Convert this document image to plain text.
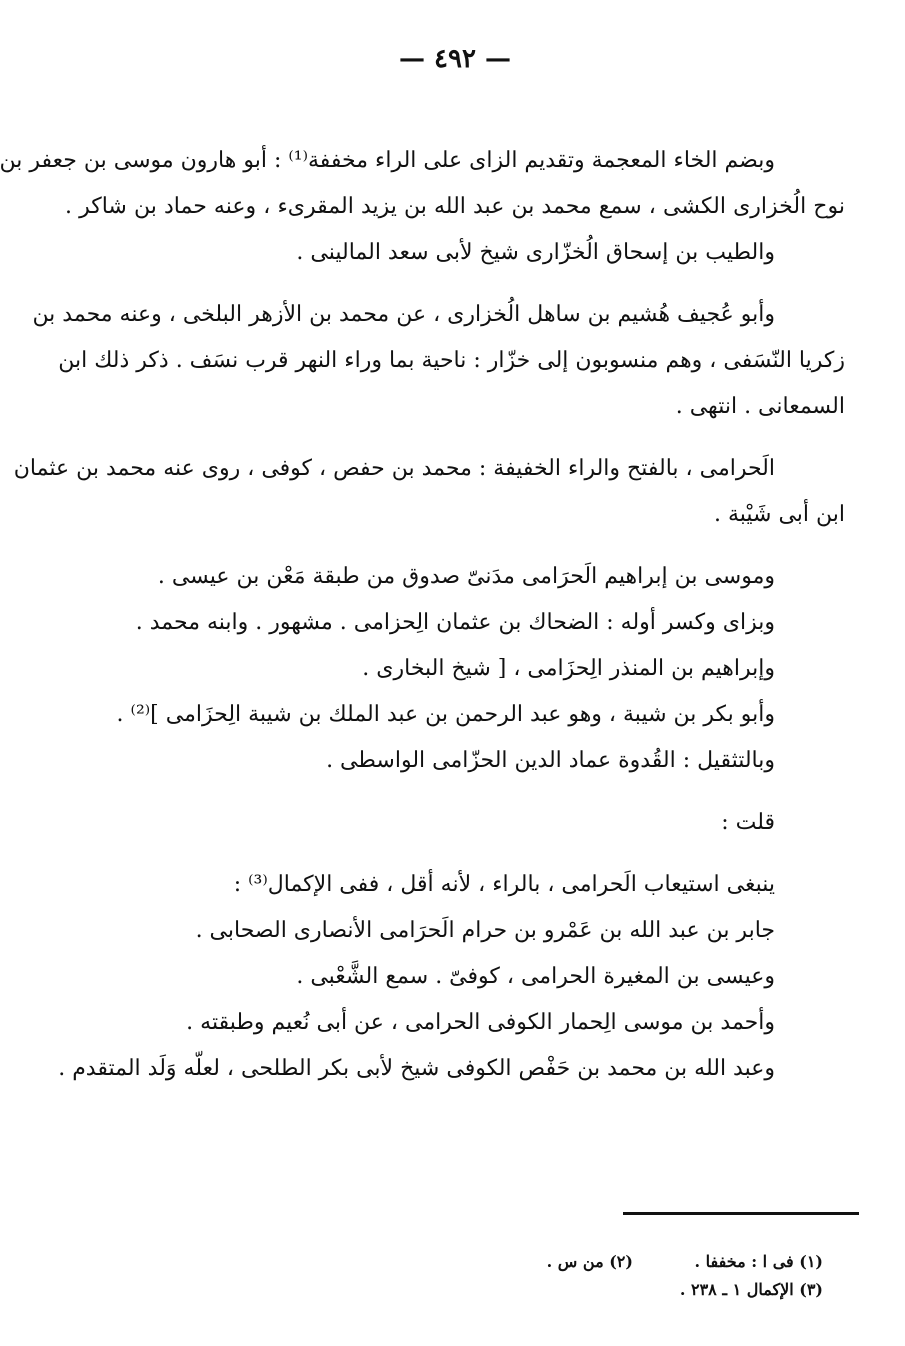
— ٤٩٢ —
وبضم الخاء المعجمة وتقديم الزاى على الراء مخففة⁽¹⁾ : أبو هارون موسى بن جعفر بن
نوح الُخزارى الكشى ، سمع محمد بن عبد الله بن يزيد المقرىء ، وعنه حماد بن شاكر .
والطيب بن إسحاق الُخزّارى شيخ لأبى سعد المالينى .
وأبو عُجيف هُشيم بن ساهل الُخزارى ، عن محمد بن الأزهر البلخى ، وعنه محمد بن
زكريا النّسَفى ، وهم منسوبون إلى خزّار : ناحية بما وراء النهر قرب نسَف . ذكر ذلك ابن
السمعانى . انتهى .
الَحرامى ، بالفتح والراء الخفيفة : محمد بن حفص ، كوفى ، روى عنه محمد بن عثمان
ابن أبى شَيْبة .
وموسى بن إبراهيم الَحرَامى مدَنىّ صدوق من طبقة مَعْن بن عيسى .
وبزاى وكسر أوله : الضحاك بن عثمان الِحزامى . مشهور . وابنه محمد .
وإبراهيم بن المنذر الِحزَامى ، [ شيخ البخارى .
وأبو بكر بن شيبة ، وهو عبد الرحمن بن عبد الملك بن شيبة الِحزَامى ]⁽²⁾ .
وبالتثقيل : القُدوة عماد الدين الحزّامى الواسطى .
قلت :
ينبغى استيعاب الَحرامى ، بالراء ، لأنه أقل ، ففى الإكمال⁽³⁾ :
جابر بن عبد الله بن عَمْرو بن حرام الَحرَامى الأنصارى الصحابى .
وعيسى بن المغيرة الحرامى ، كوفىّ . سمع الشَّعْبى .
وأحمد بن موسى الِحمار الكوفى الحرامى ، عن أبى نُعيم وطبقته .
وعبد الله بن محمد بن حَفْص الكوفى شيخ لأبى بكر الطلحى ، لعلّه وَلَد المتقدم .
(١) فى ا : مخففا . (٢) من س .
(٣) الإكمال ١ ـ ٢٣٨ .
